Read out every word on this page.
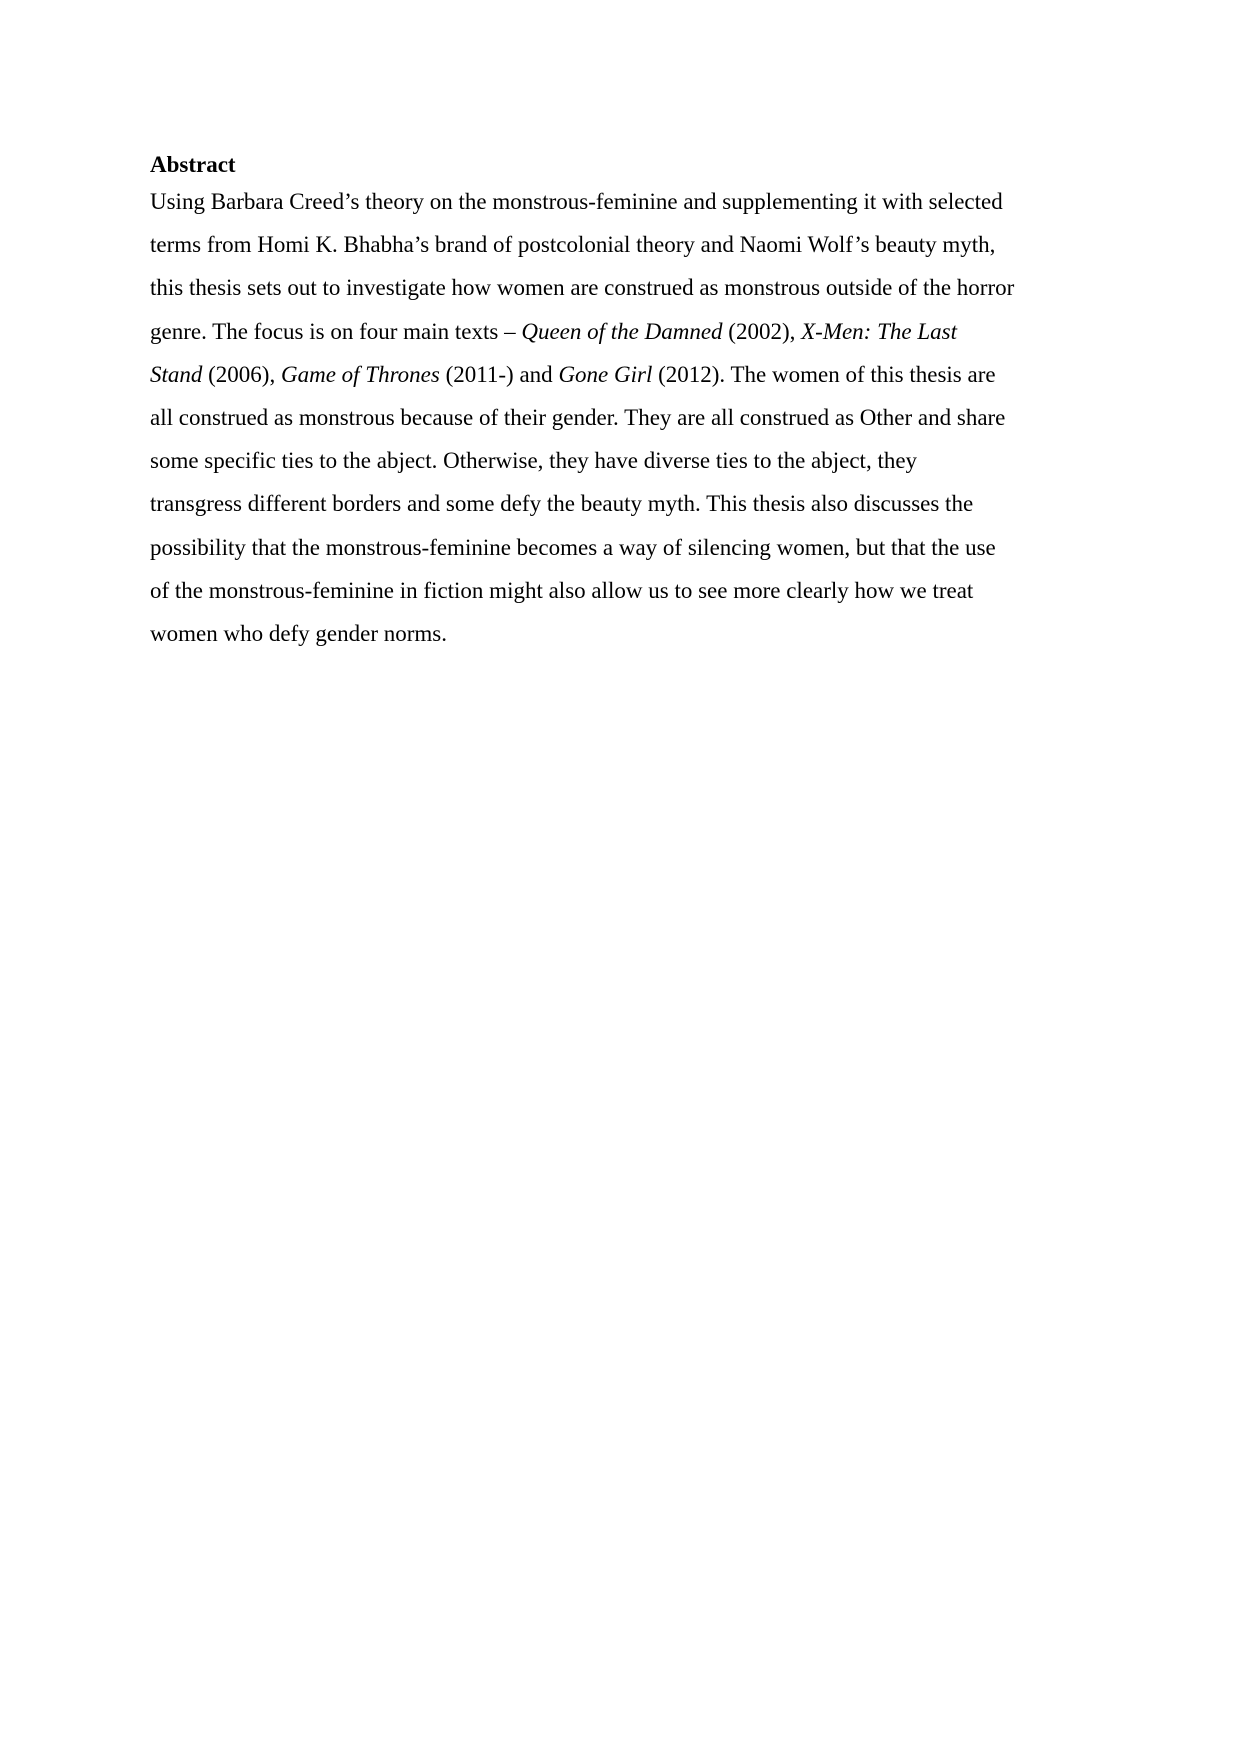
Abstract

Using Barbara Creed’s theory on the monstrous-feminine and supplementing it with selected

terms from Homi K. Bhabha’s brand of postcolonial theory and Naomi Wolf’s beauty myth,

this thesis sets out to investigate how women are construed as monstrous outside of the horror

genre. The focus is on four main texts – Queen of the Damned (2002), X-Men: The Last

Stand (2006), Game of Thrones (2011-) and Gone Girl (2012). The women of this thesis are

all construed as monstrous because of their gender. They are all construed as Other and share

some specific ties to the abject. Otherwise, they have diverse ties to the abject, they

transgress different borders and some defy the beauty myth. This thesis also discusses the

possibility that the monstrous-feminine becomes a way of silencing women, but that the use

of the monstrous-feminine in fiction might also allow us to see more clearly how we treat

women who defy gender norms.
